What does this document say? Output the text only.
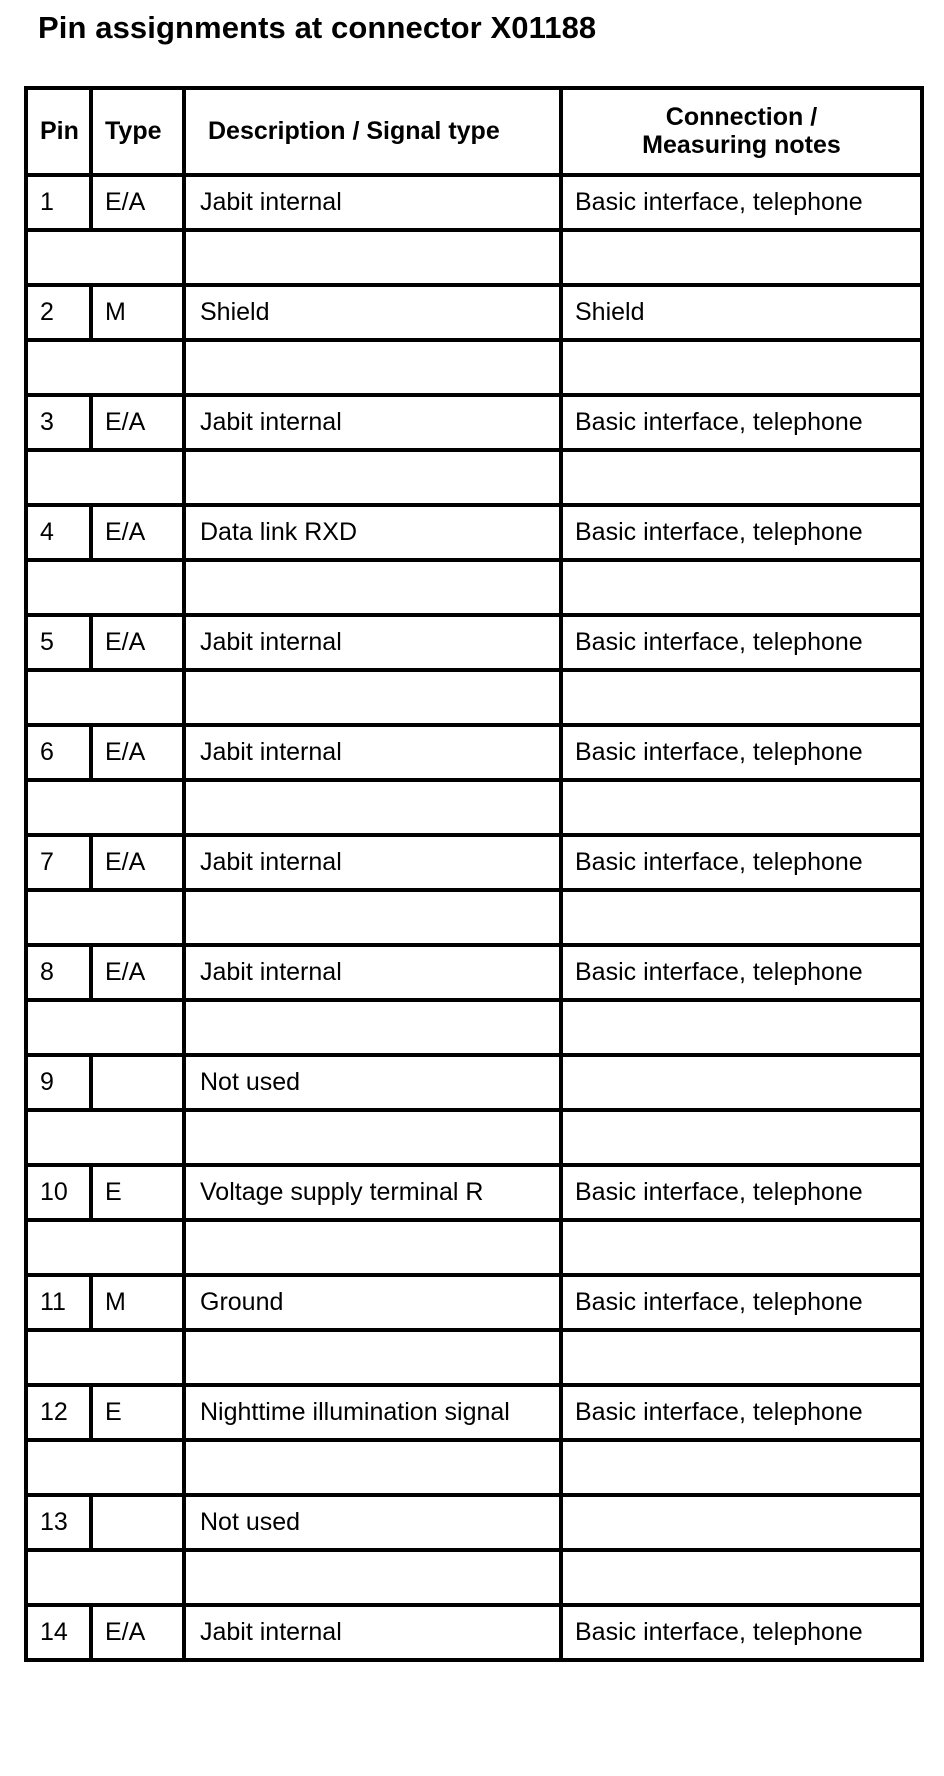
Pin assignments at connector X01188
Pin	Type	Description / Signal type	Connection /
Measuring notes
1	E/A	Jabit internal	Basic interface, telephone

2	M	Shield	Shield

3	E/A	Jabit internal	Basic interface, telephone

4	E/A	Data link RXD	Basic interface, telephone

5	E/A	Jabit internal	Basic interface, telephone

6	E/A	Jabit internal	Basic interface, telephone

7	E/A	Jabit internal	Basic interface, telephone

8	E/A	Jabit internal	Basic interface, telephone

9		Not used	

10	E	Voltage supply terminal R	Basic interface, telephone

11	M	Ground	Basic interface, telephone

12	E	Nighttime illumination signal	Basic interface, telephone

13		Not used	

14	E/A	Jabit internal	Basic interface, telephone
